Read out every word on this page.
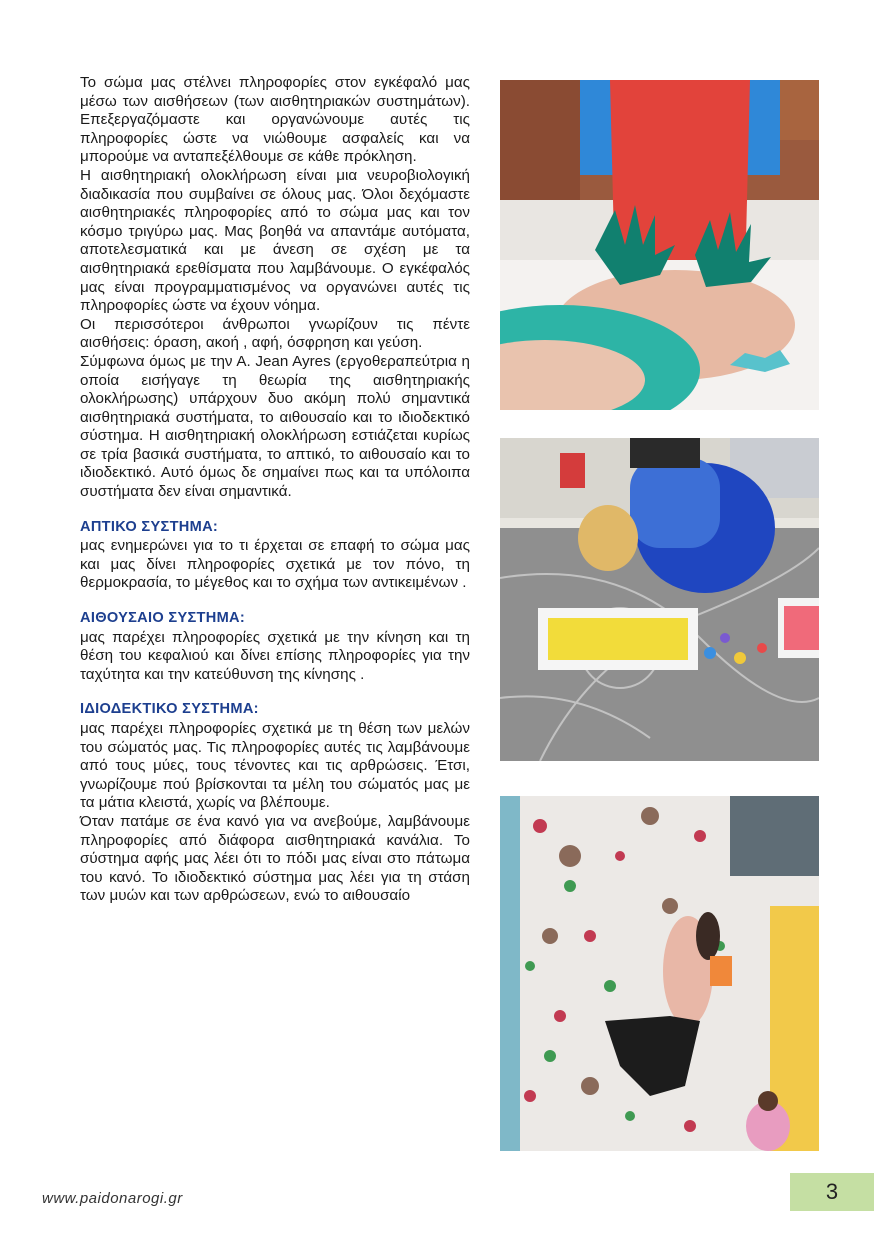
Το σώμα μας στέλνει πληροφορίες στον εγκέφαλό μας μέσω των αισθήσεων (των αισθητηριακών συστημάτων). Επεξεργαζόμαστε και οργανώνουμε αυτές τις πληροφορίες ώστε να νιώθουμε ασφαλείς και να μπορούμε να ανταπεξέλθουμε σε κάθε πρόκληση.

Η αισθητηριακή ολοκλήρωση είναι μια νευροβιολογική διαδικασία που συμβαίνει σε όλους μας. Όλοι δεχόμαστε αισθητηριακές πληροφορίες από το σώμα μας και τον κόσμο τριγύρω μας. Μας βοηθά να απαντάμε αυτόματα, αποτελεσματικά και με άνεση σε σχέση με τα αισθητηριακά ερεθίσματα που λαμβάνουμε. Ο εγκέφαλός μας είναι προγραμματισμένος να οργανώνει αυτές τις πληροφορίες ώστε να έχουν νόημα.

Οι περισσότεροι άνθρωποι γνωρίζουν τις πέντε αισθήσεις: όραση, ακοή , αφή, όσφρηση και γεύση.

Σύμφωνα όμως με την Α. Jean Ayres (εργοθεραπεύτρια η οποία εισήγαγε τη θεωρία της αισθητηριακής ολοκλήρωσης) υπάρχουν δυο ακόμη πολύ σημαντικά αισθητηριακά συστήματα, το αιθουσαίο και το ιδιοδεκτικό σύστημα. Η αισθητηριακή ολοκλήρωση εστιάζεται κυρίως σε τρία βασικά συστήματα, το απτικό, το αιθουσαίο και το ιδιοδεκτικό. Αυτό όμως δε σημαίνει πως και τα υπόλοιπα συστήματα δεν είναι σημαντικά.

ΑΠΤΙΚΟ ΣΥΣΤΗΜΑ:

μας ενημερώνει για το τι έρχεται σε επαφή το σώμα μας και μας δίνει πληροφορίες σχετικά με τον πόνο, τη θερμοκρασία, το μέγεθος και το σχήμα των αντικειμένων .

ΑΙΘΟΥΣΑΙΟ ΣΥΣΤΗΜΑ:

μας παρέχει πληροφορίες σχετικά με την κίνηση και τη θέση του κεφαλιού και δίνει επίσης πληροφορίες για την ταχύτητα και την κατεύθυνση της κίνησης .

ΙΔΙΟΔΕΚΤΙΚΟ ΣΥΣΤΗΜΑ:

μας παρέχει πληροφορίες σχετικά με τη θέση των μελών του σώματός μας. Τις πληροφορίες αυτές τις λαμβάνουμε από τους μύες, τους τένοντες και τις αρθρώσεις. Έτσι, γνωρίζουμε πού βρίσκονται τα μέλη του σώματός μας με τα μάτια κλειστά, χωρίς να βλέπουμε.

Όταν πατάμε σε ένα κανό για να ανεβούμε, λαμβάνουμε πληροφορίες από διάφορα αισθητηριακά κανάλια. Το σύστημα αφής μας λέει ότι το πόδι μας είναι στο πάτωμα του κανό. Το ιδιοδεκτικό σύστημα μας λέει για τη στάση των μυών και των αρθρώσεων, ενώ το αιθουσαίο

www.paidonarogi.gr	3
